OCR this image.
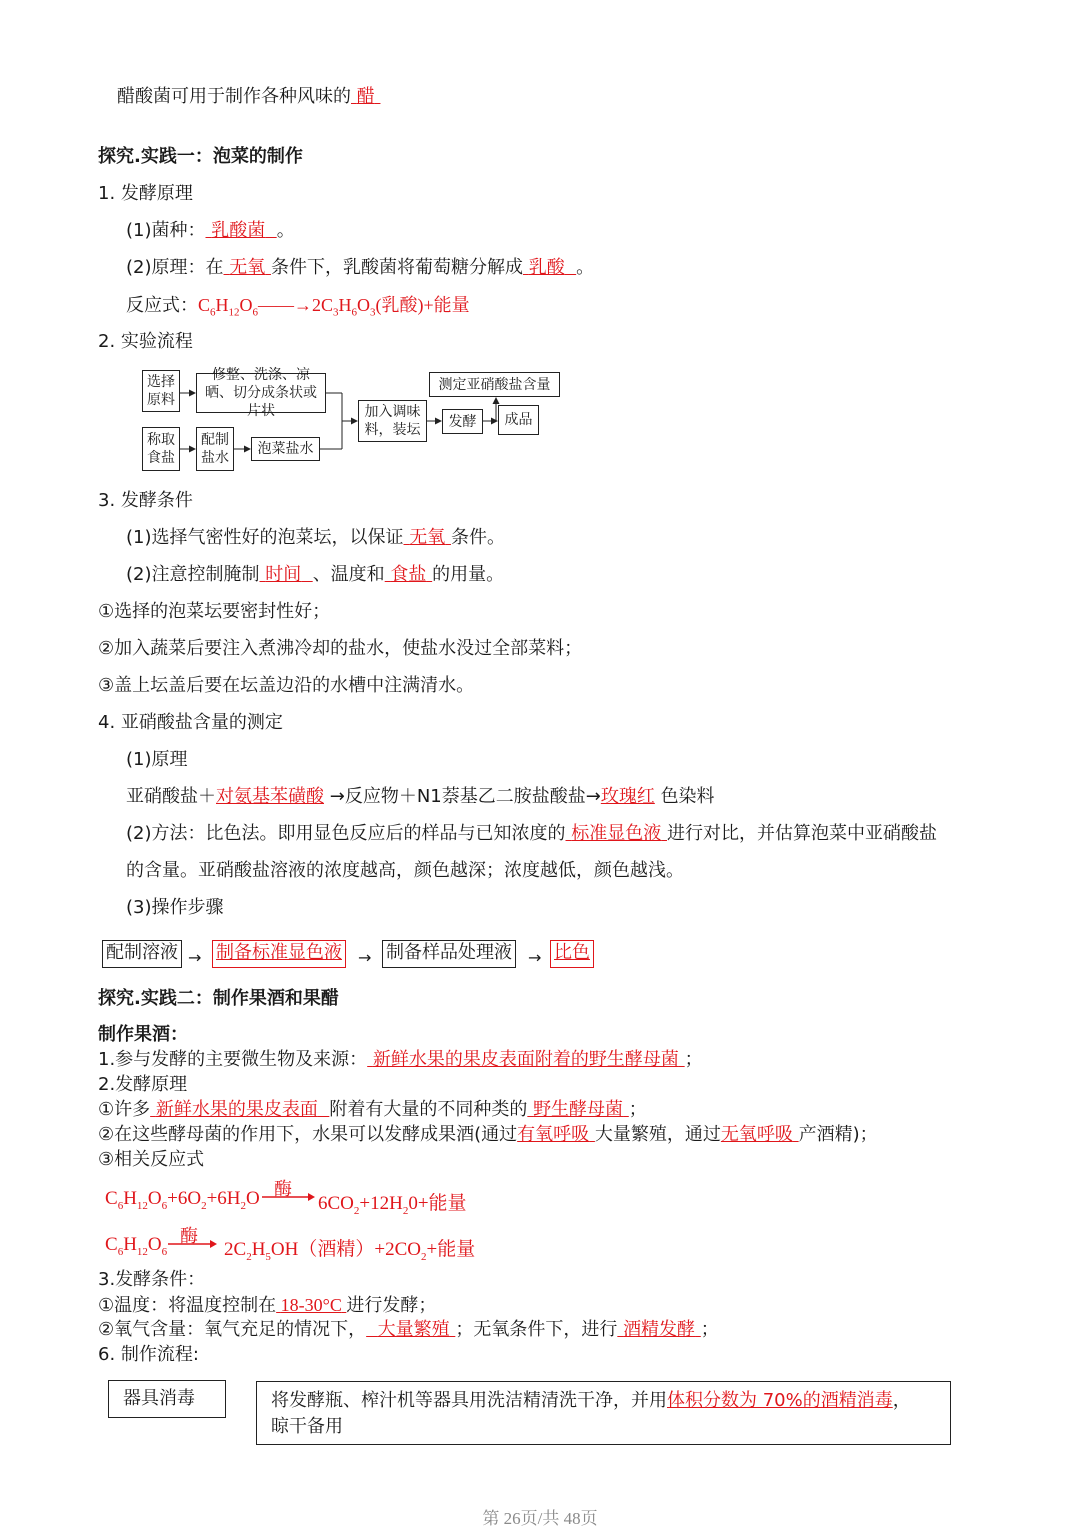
醋酸菌可用于制作各种风味的 醋
探究.实践一：泡菜的制作
1. 发酵原理
(1)菌种： 乳酸菌 。
(2)原理：在 无氧 条件下，乳酸菌将葡萄糖分解成 乳酸 。
反应式：$C_6H_{12}O_6——\to 2C_3H_6O_3$(乳酸)+能量
2. 实验流程
选择原料
修整、洗涤、凉晒、切分成条状或片状
称取食盐
配制盐水
泡菜盐水
加入调味料，装坛
测定亚硝酸盐含量
发酵	成品
3. 发酵条件
(1)选择气密性好的泡菜坛，以保证 无氧 条件。
(2)注意控制腌制 时间 、温度和 食盐 的用量。
①选择的泡菜坛要密封性好；
②加入蔬菜后要注入煮沸冷却的盐水，使盐水没过全部菜料；
③盖上坛盖后要在坛盖边沿的水槽中注满清水。
4. 亚硝酸盐含量的测定
(1)原理
亚硝酸盐＋对氨基苯磺酸 →反应物＋N1萘基乙二胺盐酸盐→玫瑰红 色染料
(2)方法：比色法。即用显色反应后的样品与已知浓度的 标准显色液 进行对比，并估算泡菜中亚硝酸盐
的含量。亚硝酸盐溶液的浓度越高，颜色越深；浓度越低，颜色越浅。
(3)操作步骤
配制溶液 → 制备标准显色液 → 制备样品处理液 → 比色
探究.实践二：制作果酒和果醋
制作果酒：
1.参与发酵的主要微生物及来源： 新鲜水果的果皮表面附着的野生酵母菌 ；
2.发酵原理
①许多 新鲜水果的果皮表面 附着有大量的不同种类的 野生酵母菌 ；
②在这些酵母菌的作用下，水果可以发酵成果酒(通过有氧呼吸 大量繁殖，通过无氧呼吸 产酒精)；
③相关反应式
$C_6H_{12}O_6+6O_2+6H_2O$ 酶
→ $6CO_2+12H_20+$能量
$C_6H_{12}O_6$
酶
→ $2C_2H_5OH$（酒精）$+2CO_2+$能量
3.发酵条件：
①温度：将温度控制在 18-30°C 进行发酵；
②氧气含量：氧气充足的情况下， 大量繁殖 ；无氧条件下，进行 酒精发酵 ；
6. 制作流程:
器具消毒	将发酵瓶、榨汁机等器具用洗洁精清洗干净，并用体积分数为 70%的酒精消毒，
晾干备用
第 26页/共 48页
